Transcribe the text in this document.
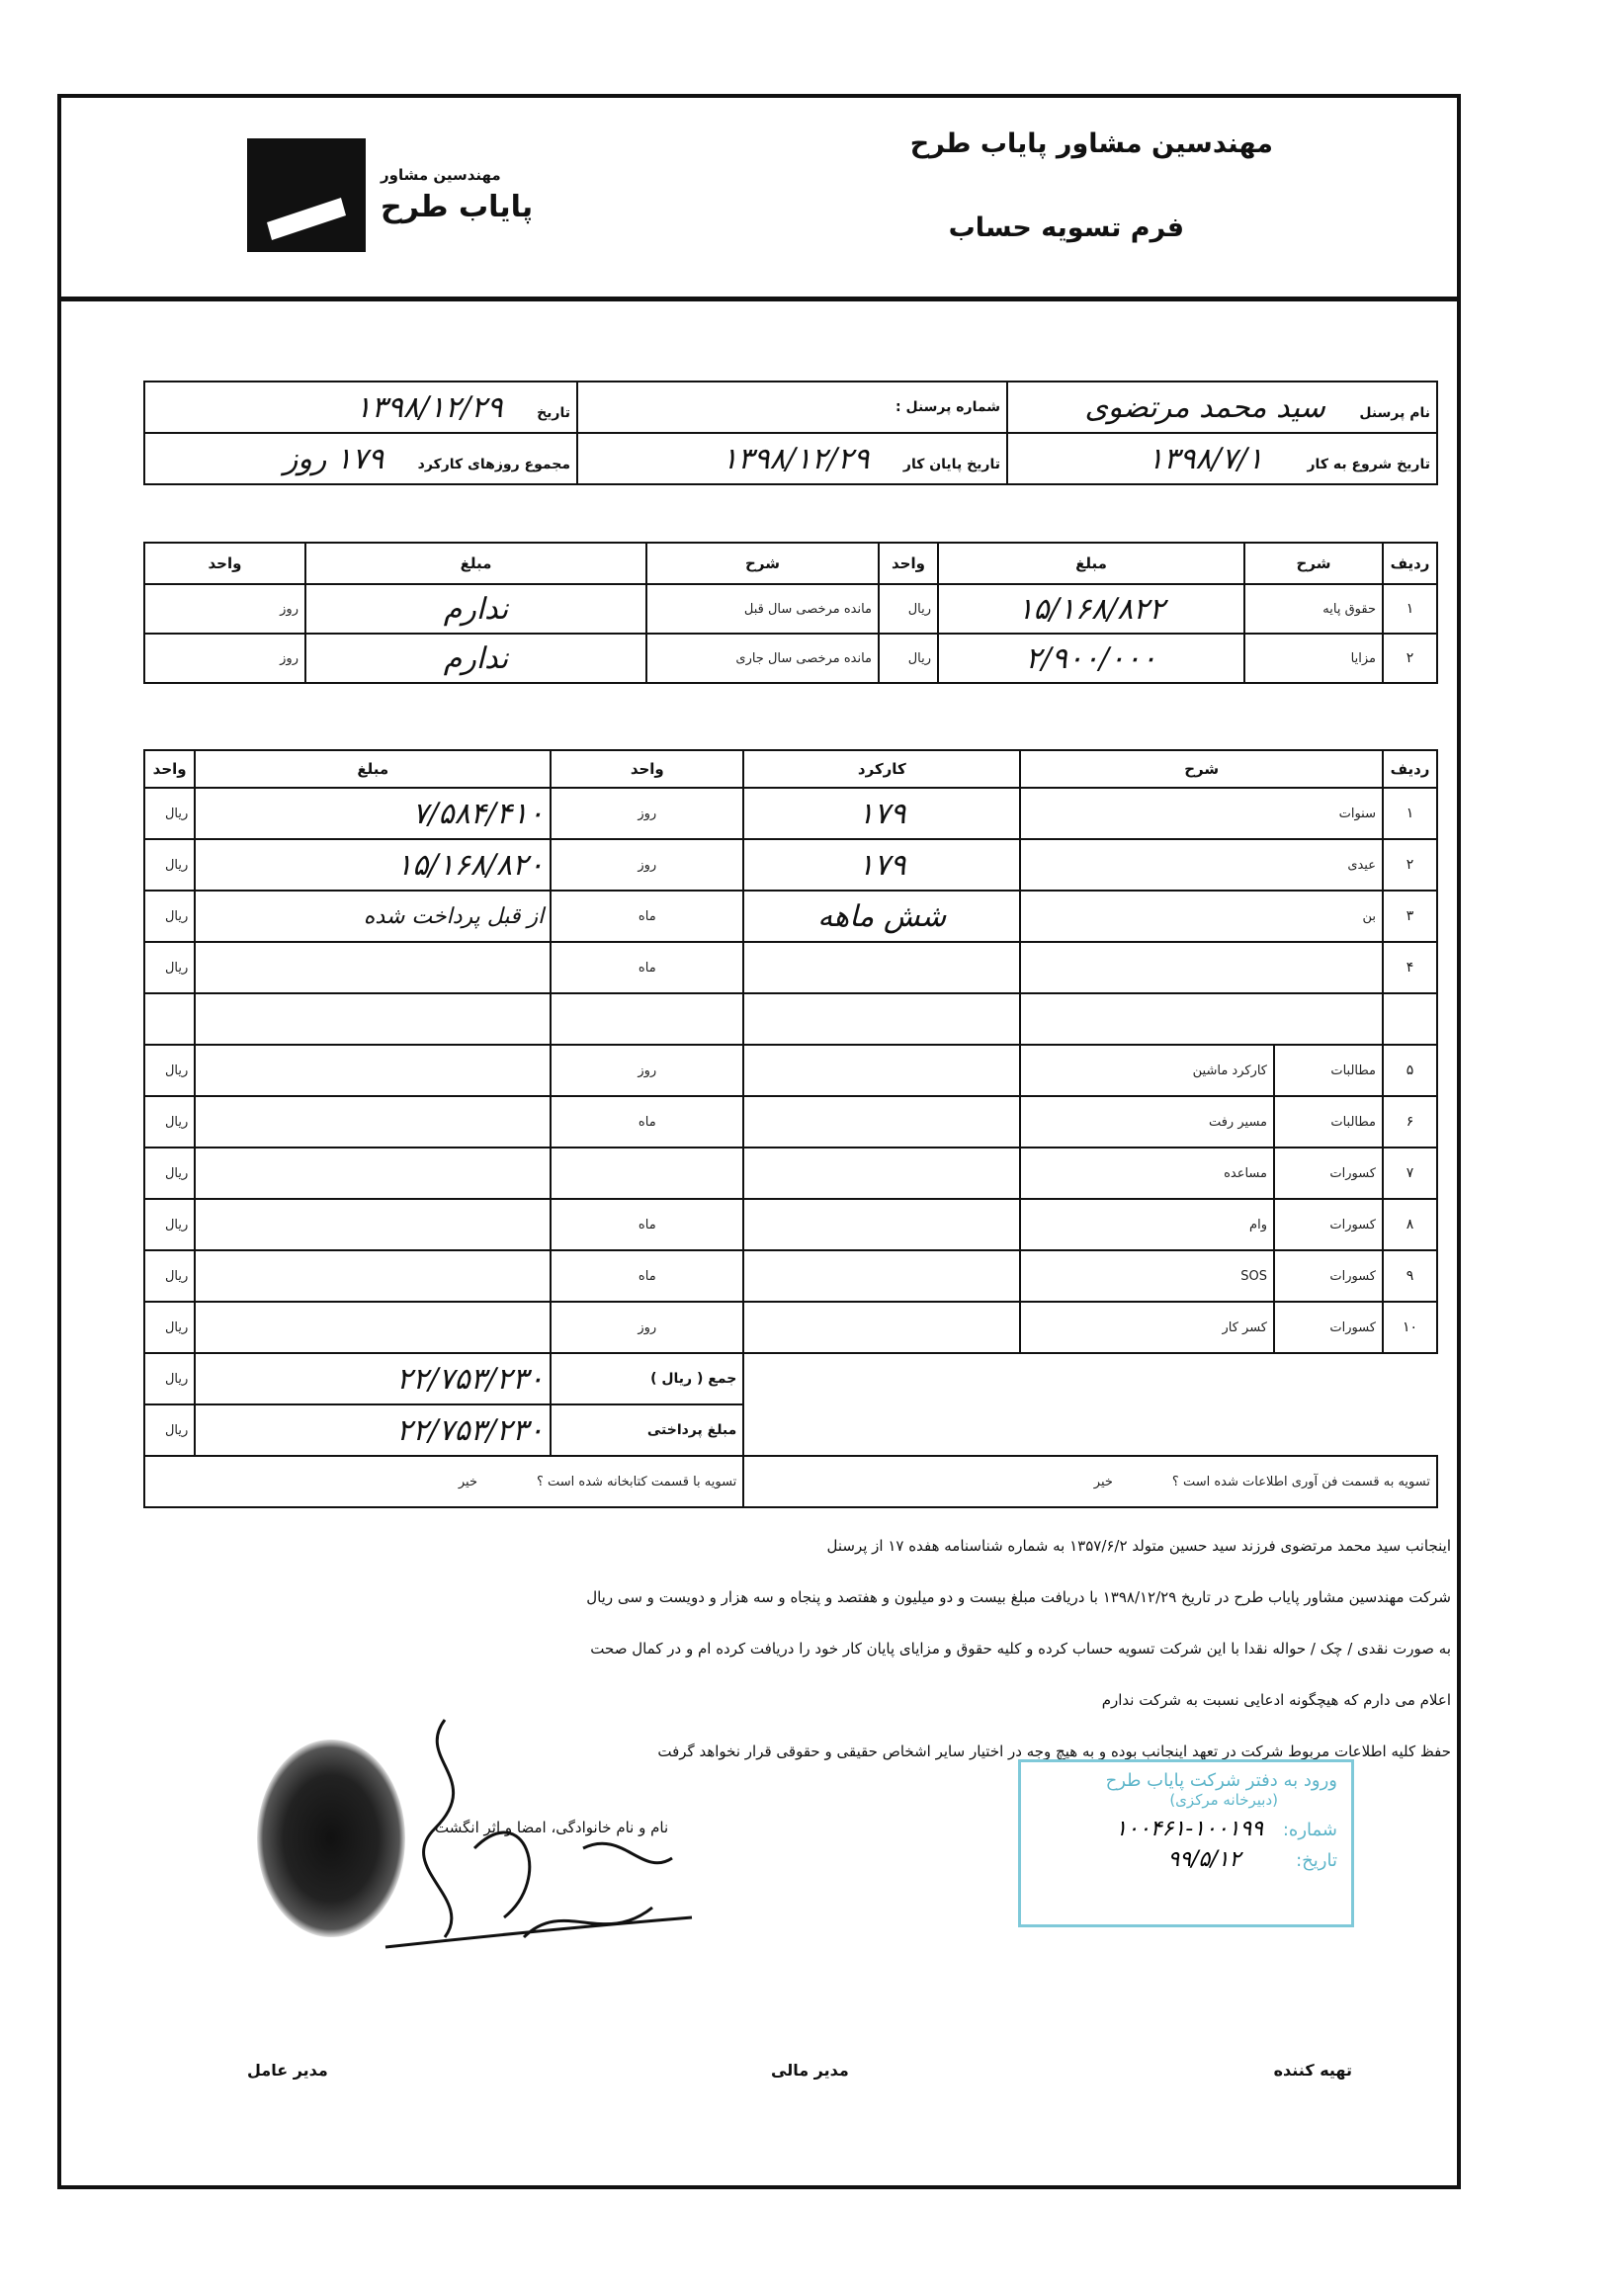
مهندسین مشاور پایاب طرح
فرم تسویه حساب
مهندسین مشاور
پایاب طرح
نام پرسنل سید محمد مرتضوی	شماره پرسنل :	تاریخ ۱۳۹۸/۱۲/۲۹
تاریخ شروع به کار ۱۳۹۸/۷/۱	تاریخ پایان کار ۱۳۹۸/۱۲/۲۹	مجموع روزهای کارکرد ۱۷۹ روز
ردیف	شرح	مبلغ	واحد	شرح	مبلغ	واحد
۱	حقوق پایه	۱۵/۱۶۸/۸۲۲	ریال	مانده مرخصی سال قبل	ندارم	روز
۲	مزایا	۲/۹۰۰/۰۰۰	ریال	مانده مرخصی سال جاری	ندارم	روز
ردیف	شرح		کارکرد	واحد	مبلغ	واحد
۱	سنوات		۱۷۹	روز	۷/۵۸۴/۴۱۰	ریال
۲	عیدی		۱۷۹	روز	۱۵/۱۶۸/۸۲۰	ریال
۳	بن		شش ماهه	ماه	از قبل پرداخت شده	ریال
۴				ماه		ریال

۵	مطالبات	کارکرد ماشین		روز		ریال
۶	مطالبات	مسیر رفت		ماه		ریال
۷	کسورات	مساعده				ریال
۸	کسورات	وام		ماه		ریال
۹	کسورات	SOS		ماه		ریال
۱۰	کسورات	کسر کار		روز		ریال
				جمع ( ریال )	۲۲/۷۵۳/۲۳۰	ریال
				مبلغ پرداختی	۲۲/۷۵۳/۲۳۰	ریال
تسویه به قسمت فن آوری اطلاعات شده است ؟خیر				تسویه با قسمت کتابخانه شده است ؟خیر		
اینجانب سید محمد مرتضوی فرزند سید حسین متولد ۱۳۵۷/۶/۲ به شماره شناسنامه هفده ۱۷ از پرسنل
شرکت مهندسین مشاور پایاب طرح در تاریخ ۱۳۹۸/۱۲/۲۹ با دریافت مبلغ بیست و دو میلیون و هفتصد و پنجاه و سه هزار و دویست و سی ریال
به صورت نقدی / چک / حواله نقدا با این شرکت تسویه حساب کرده و کلیه حقوق و مزایای پایان کار خود را دریافت کرده ام و در کمال صحت
اعلام می دارم که هیچگونه ادعایی نسبت به شرکت ندارم
حفظ کلیه اطلاعات مربوط شرکت در تعهد اینجانب بوده و به هیچ وجه در اختیار سایر اشخاص حقیقی و حقوقی قرار نخواهد گرفت
نام و نام خانوادگی، امضا و اثر انگشت
ورود به دفتر شرکت پایاب طرح
(دبیرخانه مرکزی)
شماره: ۱۰۰۱۹۹-۱۰۰۴۶۱
تاریخ: ۹۹/۵/۱۲
تهیه کننده
مدیر مالی
مدیر عامل
